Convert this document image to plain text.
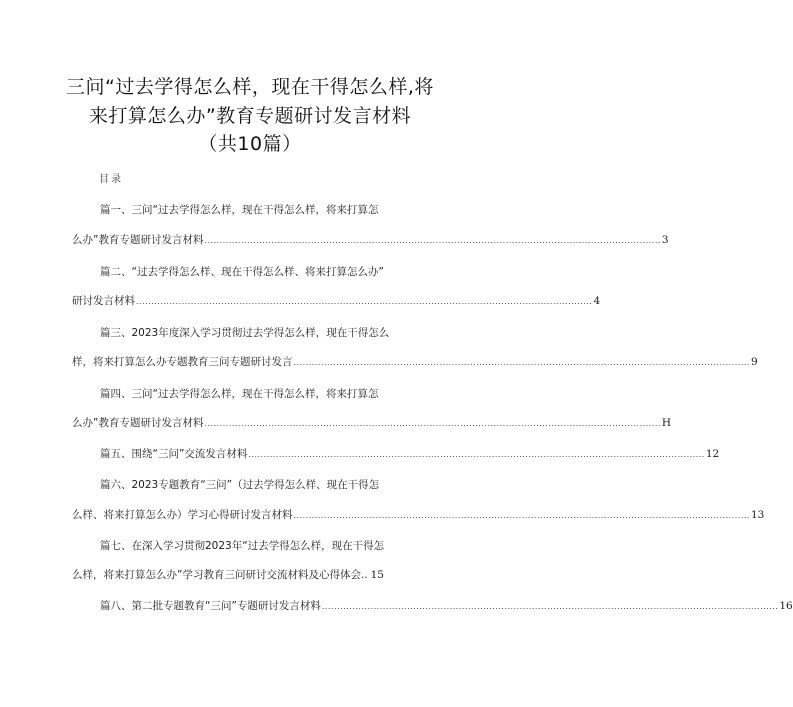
三问“过去学得怎么样，现在干得怎么样,将
来打算怎么办”教育专题研讨发言材料
（共10篇）
目录
篇一、三问“过去学得怎么样，现在干得怎么样，将来打算怎
么办”教育专题研讨发言材料 ...................................................................................................................................................... 3
篇二、“过去学得怎么样、现在干得怎么样、将来打算怎么办”
研讨发言材料 ...................................................................................................................................................... 4
篇三、2023年度深入学习贯彻过去学得怎么样，现在干得怎么
样，将来打算怎么办专题教育三问专题研讨发言 ...................................................................................................................................................... 9
篇四、三问“过去学得怎么样，现在干得怎么样，将来打算怎
么办”教育专题研讨发言材料 ...................................................................................................................................................... H
篇五、围绕“三问”交流发言材料 ...................................................................................................................................................... 12
篇六、2023专题教育“三问”（过去学得怎么样、现在干得怎
么样、将来打算怎么办）学习心得研讨发言材料 ...................................................................................................................................................... 13
篇七、在深入学习贯彻2023年“过去学得怎么样，现在干得怎
么样，将来打算怎么办”学习教育三问研讨交流材料及心得体会.. 15
篇八、第二批专题教育“三问”专题研讨发言材料 ...................................................................................................................................................... 16
